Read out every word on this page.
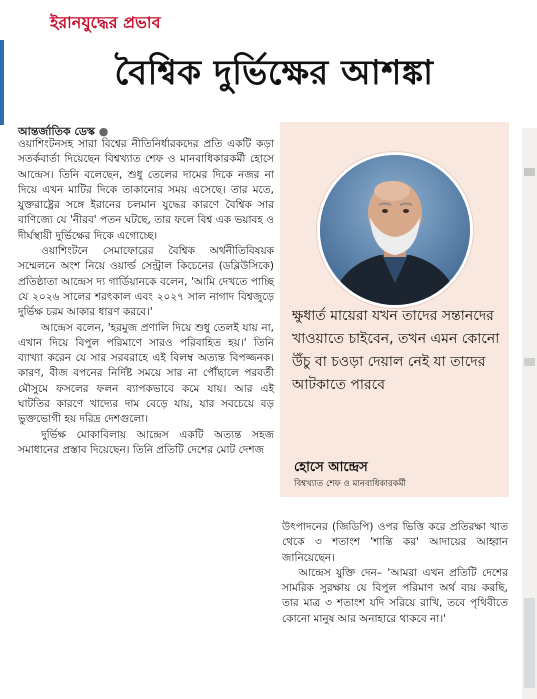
ইরানযুদ্ধের প্রভাব
বৈশ্বিক দুর্ভিক্ষের আশঙ্কা
আন্তর্জাতিক ডেস্ক ●

ওয়াশিংটনসহ সারা বিশ্বের নীতিনির্ধারকদের প্রতি একটি কড়া সতর্কবার্তা দিয়েছেন বিশ্বখ্যাত শেফ ও মানবাধিকারকর্মী হোসে আন্দ্রেস। তিনি বলেছেন, শুধু তেলের দামের দিকে নজর না দিয়ে এখন মাটির দিকে তাকানোর সময় এসেছে। তার মতে, যুক্তরাষ্ট্রের সঙ্গে ইরানের চলমান যুদ্ধের কারণে বৈশ্বিক সার বাণিজ্যে যে 'নীরব' পতন ঘটছে, তার ফলে বিশ্ব এক ভয়াবহ ও দীর্ঘস্থায়ী দুর্ভিক্ষের দিকে এগোচ্ছে।

ওয়াশিংটনে সেমাফোরের বৈশ্বিক অর্থনীতিবিষয়ক সম্মেলনে অংশ নিয়ে ওয়ার্ল্ড সেন্ট্রাল কিচেনের (ডব্লিউসিকে) প্রতিষ্ঠাতা আন্দ্রেস দ্য গার্ডিয়ানকে বলেন, 'আমি দেখতে পাচ্ছি যে ২০২৬ সালের শরৎকাল এবং ২০২৭ সাল নাগাদ বিশ্বজুড়ে দুর্ভিক্ষ চরম আকার ধারণ করবে।'

আন্দ্রেস বলেন, 'হরমুজ প্রণালি দিয়ে শুধু তেলই যায় না, এখান দিয়ে বিপুল পরিমাণে সারও পরিবাহিত হয়।' তিনি ব্যাখ্যা করেন যে সার সরবরাহে এই বিলম্ব অত্যন্ত বিপজ্জনক। কারণ, বীজ বপনের নির্দিষ্ট সময়ে সার না পৌঁছালে পরবর্তী মৌসুমে ফসলের ফলন ব্যাপকভাবে কমে যায়। আর এই ঘাটতির কারণে খাদ্যের দাম বেড়ে যায়, যার সবচেয়ে বড় ভুক্তভোগী হয় দরিদ্র দেশগুলো।

দুর্ভিক্ষ মোকাবিলায় আন্দ্রেস একটি অত্যন্ত সহজ সমাধানের প্রস্তাব দিয়েছেন। তিনি প্রতিটি দেশের মোট দেশজ

ক্ষুধার্ত মায়েরা যখন তাদের সন্তানদের খাওয়াতে চাইবেন, তখন এমন কোনো উঁচু বা চওড়া দেয়াল নেই যা তাদের আটকাতে পারবে
হোসে আন্দ্রেস
বিশ্বখ্যাত শেফ ও মানবাধিকারকর্মী

উৎপাদনের (জিডিপি) ওপর ভিত্তি করে প্রতিরক্ষা খাত থেকে ৩ শতাংশ 'শান্তি কর' আদায়ের আহ্বান জানিয়েছেন।

আন্দ্রেস যুক্তি দেন– 'আমরা এখন প্রতিটি দেশের সামরিক সুরক্ষায় যে বিপুল পরিমাণ অর্থ ব্যয় করছি, তার মাত্র ৩ শতাংশ যদি সরিয়ে রাখি, তবে পৃথিবীতে কোনো মানুষ আর অনাহারে থাকবে না।'
